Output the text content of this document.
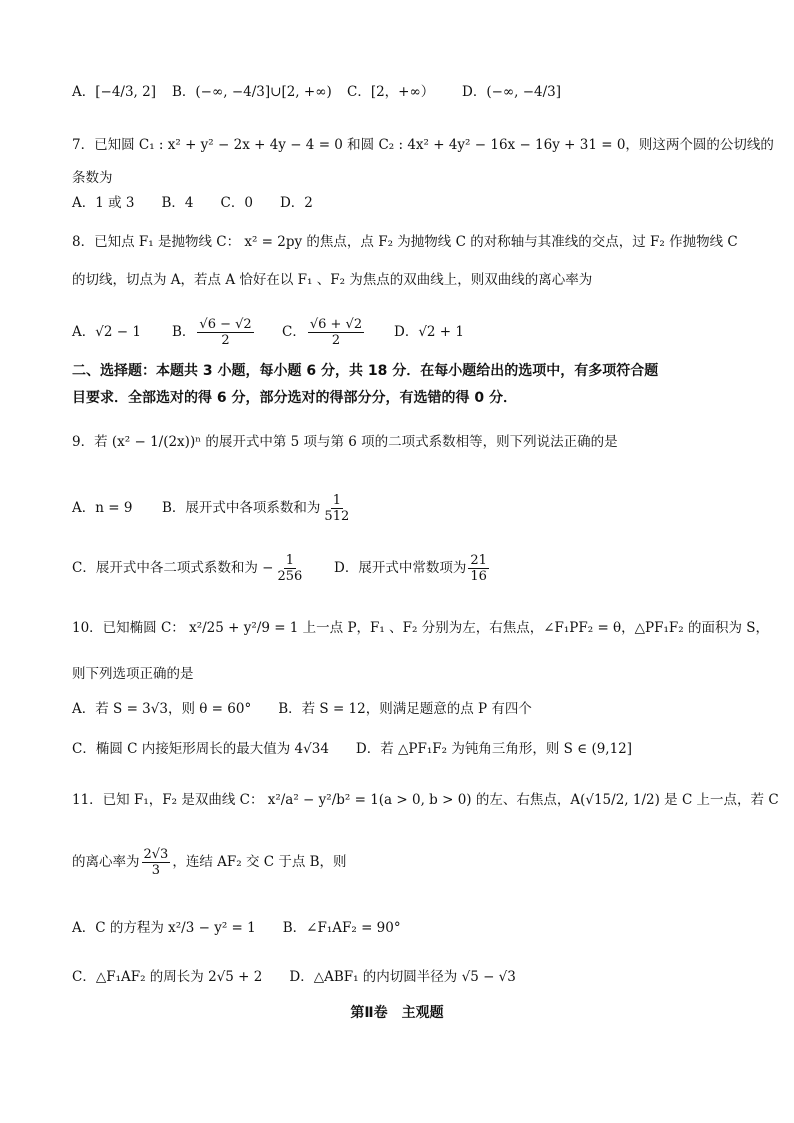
A．[−4/3, 2]	B．(−∞, −4/3]∪[2, +∞)	C．[2，+∞）	D．(−∞, −4/3]
7．已知圆 C₁ : x² + y² − 2x + 4y − 4 = 0 和圆 C₂ : 4x² + 4y² − 16x − 16y + 31 = 0，则这两个圆的公切线的
条数为
A．1 或 3　　B．4　　C．0　　D．2
8．已知点 F₁ 是抛物线 C： x² = 2py 的焦点，点 F₂ 为抛物线 C 的对称轴与其准线的交点，过 F₂ 作抛物线 C
的切线，切点为 A，若点 A 恰好在以 F₁ 、F₂ 为焦点的双曲线上，则双曲线的离心率为
A．√2 − 1	B． $\frac{√6 - √2}{2}$ C． $\frac{√6 + √2}{2}$ D．√2 + 1
二、选择题：本题共 3 小题，每小题 6 分，共 18 分．在每小题给出的选项中，有多项符合题
目要求．全部选对的得 6 分，部分选对的得部分分，有选错的得 0 分．
9．若 (x² − 1/(2x))ⁿ 的展开式中第 5 项与第 6 项的二项式系数相等，则下列说法正确的是
A．n = 9	B．展开式中各项系数和为 $\frac{1}{512}$
C．展开式中各二项式系数和为 − $\frac{1}{256}$ D．展开式中常数项为 $\frac{21}{16}$
10．已知椭圆 C： x²/25 + y²/9 = 1 上一点 P，F₁ 、F₂ 分别为左，右焦点，∠F₁PF₂ = θ，△PF₁F₂ 的面积为 S，
则下列选项正确的是
A．若 S = 3√3，则 θ = 60°　　B．若 S = 12，则满足题意的点 P 有四个
C．椭圆 C 内接矩形周长的最大值为 4√34　　D．若 △PF₁F₂ 为钝角三角形，则 S ∈ (9,12]
11．已知 F₁，F₂ 是双曲线 C： x²/a² − y²/b² = 1(a > 0, b > 0) 的左、右焦点，A(√15/2, 1/2) 是 C 上一点，若 C
的离心率为 $\frac{2√3}{3}$ ，连结 AF₂ 交 C 于点 B，则
A．C 的方程为 x²/3 − y² = 1　　B．∠F₁AF₂ = 90°
C．△F₁AF₂ 的周长为 2√5 + 2　　D．△ABF₁ 的内切圆半径为 √5 − √3
第Ⅱ卷　主观题
